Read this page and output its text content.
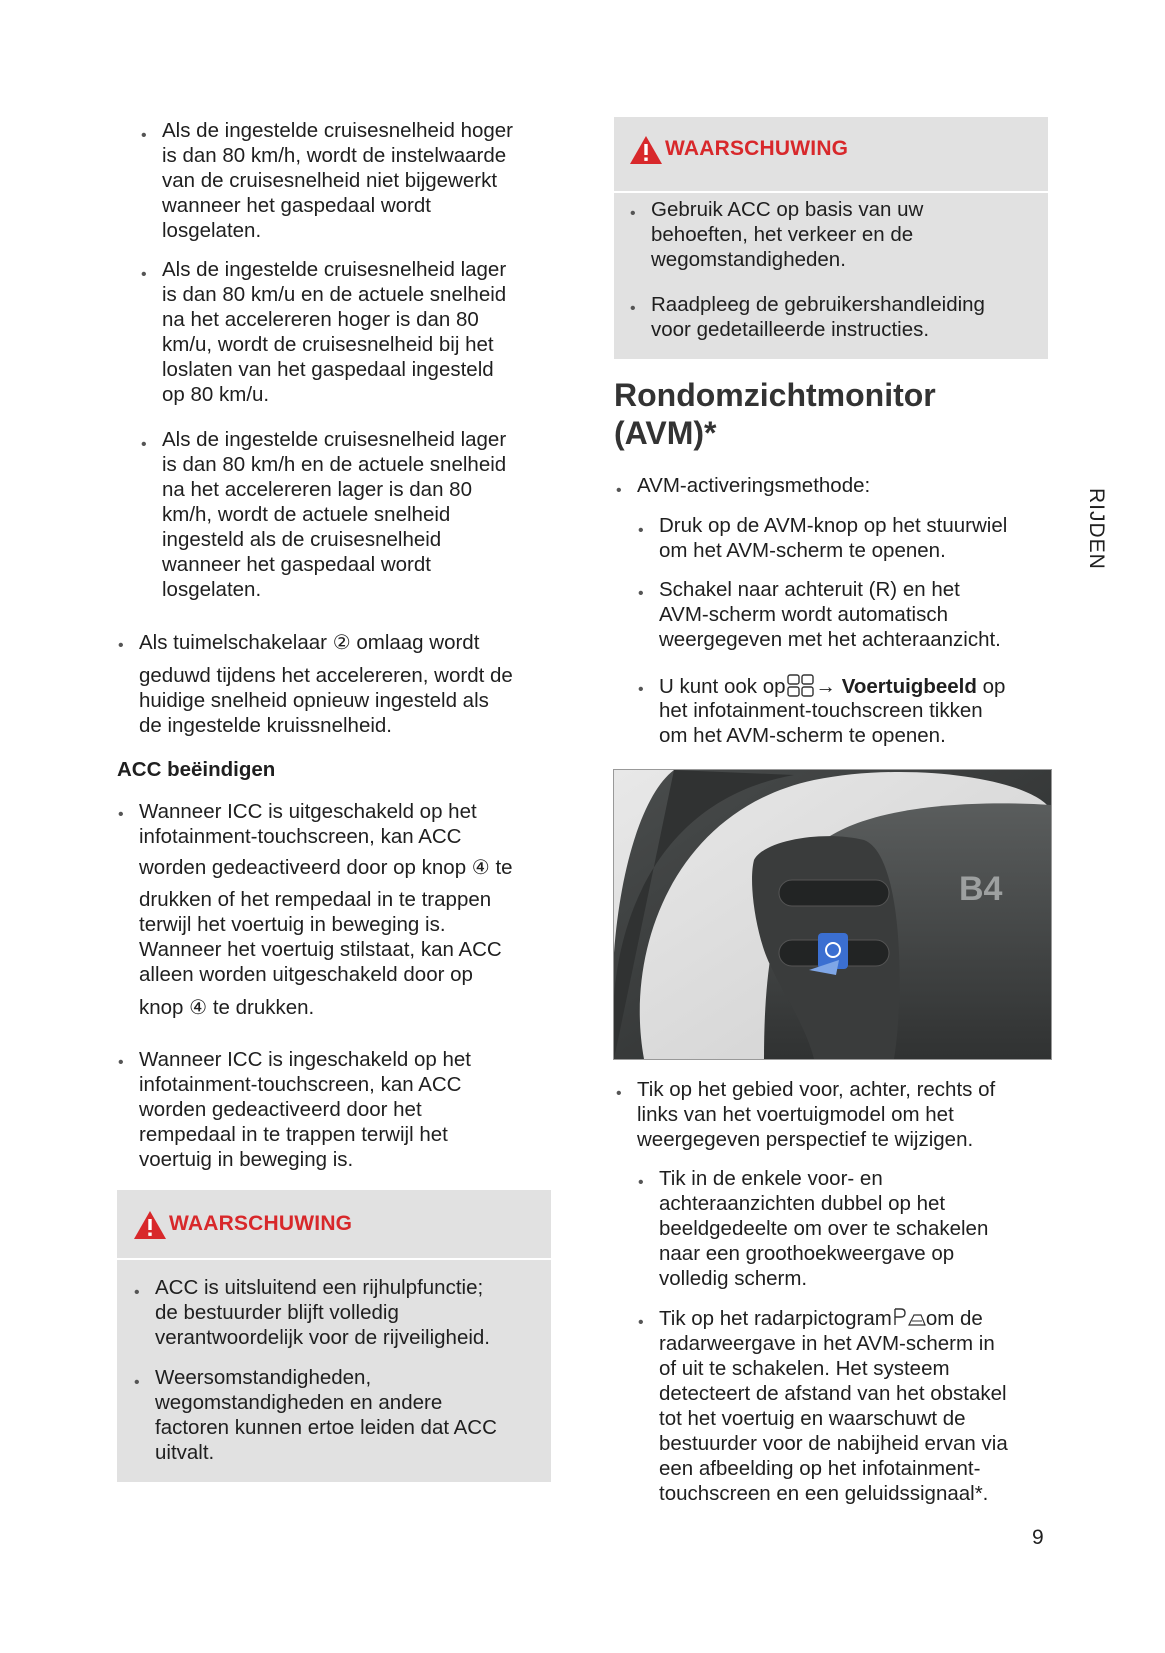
• Als de ingestelde cruisesnelheid hoger
is dan 80 km/h, wordt de instelwaarde
van de cruisesnelheid niet bijgewerkt
wanneer het gaspedaal wordt
losgelaten.
• Als de ingestelde cruisesnelheid lager
is dan 80 km/u en de actuele snelheid
na het accelereren hoger is dan 80
km/u, wordt de cruisesnelheid bij het
loslaten van het gaspedaal ingesteld
op 80 km/u.
• Als de ingestelde cruisesnelheid lager
is dan 80 km/h en de actuele snelheid
na het accelereren lager is dan 80
km/h, wordt de actuele snelheid
ingesteld als de cruisesnelheid
wanneer het gaspedaal wordt
losgelaten.
• Als tuimelschakelaar ② omlaag wordt
geduwd tijdens het accelereren, wordt de
huidige snelheid opnieuw ingesteld als
de ingestelde kruissnelheid.
ACC beëindigen
• Wanneer ICC is uitgeschakeld op het
infotainment-touchscreen, kan ACC
worden gedeactiveerd door op knop ④ te
drukken of het rempedaal in te trappen
terwijl het voertuig in beweging is.
Wanneer het voertuig stilstaat, kan ACC
alleen worden uitgeschakeld door op
knop ④ te drukken.
• Wanneer ICC is ingeschakeld op het
infotainment-touchscreen, kan ACC
worden gedeactiveerd door het
rempedaal in te trappen terwijl het
voertuig in beweging is.
WAARSCHUWING
• ACC is uitsluitend een rijhulpfunctie;
de bestuurder blijft volledig
verantwoordelijk voor de rijveiligheid.
• Weersomstandigheden,
wegomstandigheden en andere
factoren kunnen ertoe leiden dat ACC
uitvalt.
WAARSCHUWING
• Gebruik ACC op basis van uw
behoeften, het verkeer en de
wegomstandigheden.
• Raadpleeg de gebruikershandleiding
voor gedetailleerde instructies.
Rondomzichtmonitor
(AVM)*
• AVM-activeringsmethode:
• Druk op de AVM-knop op het stuurwiel
om het AVM-scherm te openen.
• Schakel naar achteruit (R) en het
AVM-scherm wordt automatisch
weergegeven met het achteraanzicht.
• U kunt ook op → Voertuigbeeld op
het infotainment-touchscreen tikken
om het AVM-scherm te openen.
B4
• Tik op het gebied voor, achter, rechts of
links van het voertuigmodel om het
weergegeven perspectief te wijzigen.
• Tik in de enkele voor- en
achteraanzichten dubbel op het
beeldgedeelte om over te schakelen
naar een groothoekweergave op
volledig scherm.
• Tik op het radarpictogram om de
radarweergave in het AVM-scherm in
of uit te schakelen. Het systeem
detecteert de afstand van het obstakel
tot het voertuig en waarschuwt de
bestuurder voor de nabijheid ervan via
een afbeelding op het infotainment-
touchscreen en een geluidssignaal*.
RIJDEN
9
